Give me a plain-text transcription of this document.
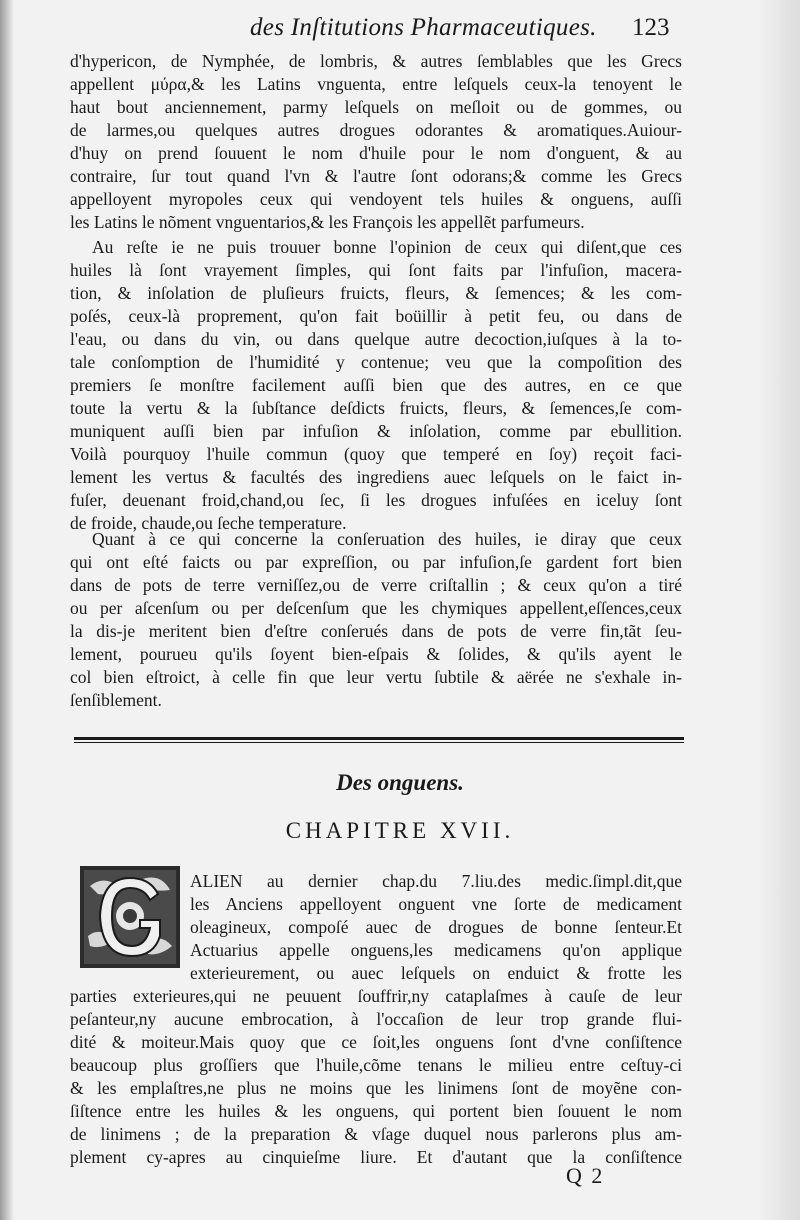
des Inſtitutions Pharmaceutiques. 123
d'hypericon, de Nymphée, de lombris, & autres ſemblables que les Grecs
appellent μύρα,& les Latins vnguenta, entre leſquels ceux-la tenoyent le
haut bout anciennement, parmy leſquels on meſloit ou de gommes, ou
de larmes,ou quelques autres drogues odorantes & aromatiques.Auiour-
d'huy on prend ſouuent le nom d'huile pour le nom d'onguent, & au
contraire, ſur tout quand l'vn & l'autre ſont odorans;& comme les Grecs
appelloyent myropoles ceux qui vendoyent tels huiles & onguens, auſſi
les Latins le nõment vnguentarios,& les François les appellẽt parfumeurs.
Au reſte ie ne puis trouuer bonne l'opinion de ceux qui diſent,que ces
huiles là ſont vrayement ſimples, qui ſont faits par l'infuſion, macera-
tion, & inſolation de pluſieurs fruicts, fleurs, & ſemences; & les com-
poſés, ceux-là proprement, qu'on fait boüillir à petit feu, ou dans de
l'eau, ou dans du vin, ou dans quelque autre decoction,iuſques à la to-
tale conſomption de l'humidité y contenue; veu que la compoſition des
premiers ſe monſtre facilement auſſi bien que des autres, en ce que
toute la vertu & la ſubſtance deſdicts fruicts, fleurs, & ſemences,ſe com-
muniquent auſſi bien par infuſion & inſolation, comme par ebullition.
Voilà pourquoy l'huile commun (quoy que temperé en ſoy) reçoit faci-
lement les vertus & facultés des ingrediens auec leſquels on le faict in-
fuſer, deuenant froid,chand,ou ſec, ſi les drogues infuſées en iceluy ſont
de froide, chaude,ou ſeche temperature.
Quant à ce qui concerne la conſeruation des huiles, ie diray que ceux
qui ont eſté faicts ou par expreſſion, ou par infuſion,ſe gardent fort bien
dans de pots de terre verniſſez,ou de verre criſtallin ; & ceux qu'on a tiré
ou per aſcenſum ou per deſcenſum que les chymiques appellent,eſſences,ceux
la dis-je meritent bien d'eſtre conſerués dans de pots de verre fin,tãt ſeu-
lement, pourueu qu'ils ſoyent bien-eſpais & ſolides, & qu'ils ayent le
col bien eſtroict, à celle fin que leur vertu ſubtile & aërée ne s'exhale in-
ſenſiblement.
Des onguens.
CHAPITRE XVII.
ALIEN au dernier chap.du 7.liu.des medic.ſimpl.dit,que
les Anciens appelloyent onguent vne ſorte de medicament
oleagineux, compoſé auec de drogues de bonne ſenteur.Et
Actuarius appelle onguens,les medicamens qu'on applique
exterieurement, ou auec leſquels on enduict & frotte les
parties exterieures,qui ne peuuent ſouffrir,ny cataplaſmes à cauſe de leur
peſanteur,ny aucune embrocation, à l'occaſion de leur trop grande flui-
dité & moiteur.Mais quoy que ce ſoit,les onguens ſont d'vne conſiſtence
beaucoup plus groſſiers que l'huile,cõme tenans le milieu entre ceſtuy-ci
& les emplaſtres,ne plus ne moins que les linimens ſont de moyẽne con-
ſiſtence entre les huiles & les onguens, qui portent bien ſouuent le nom
de linimens ; de la preparation & vſage duquel nous parlerons plus am-
plement cy-apres au cinquieſme liure. Et d'autant que la conſiſtence
Q 2
